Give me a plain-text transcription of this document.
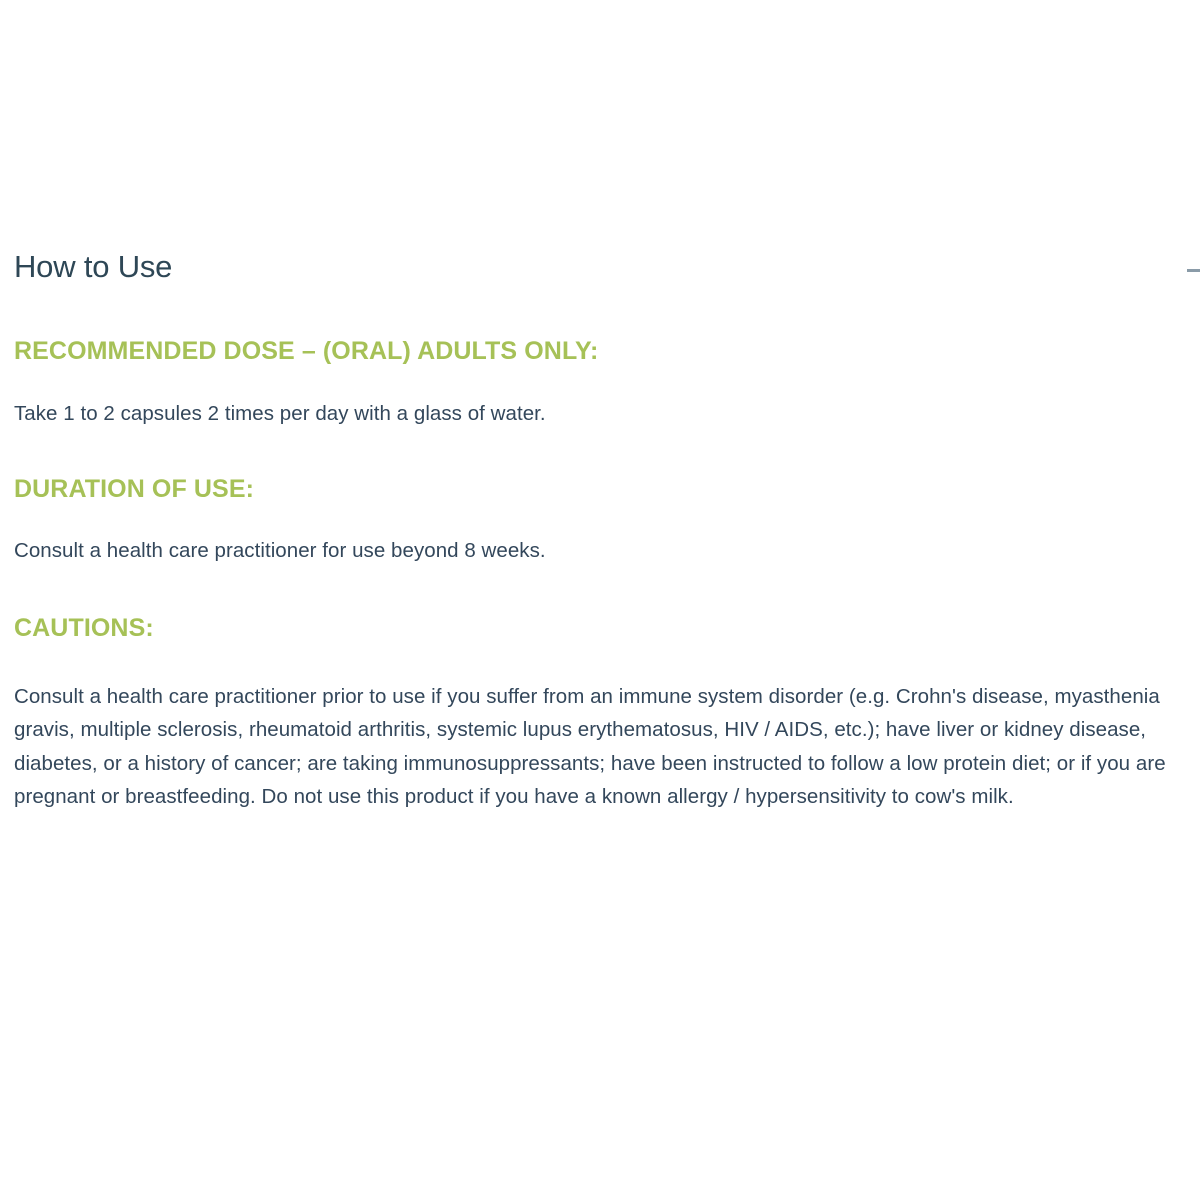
How to Use
RECOMMENDED DOSE – (ORAL) ADULTS ONLY:

Take 1 to 2 capsules 2 times per day with a glass of water.

DURATION OF USE:

Consult a health care practitioner for use beyond 8 weeks.

CAUTIONS:

Consult a health care practitioner prior to use if you suffer from an immune system disorder (e.g. Crohn's disease, myasthenia gravis, multiple sclerosis, rheumatoid arthritis, systemic lupus erythematosus, HIV / AIDS, etc.); have liver or kidney disease, diabetes, or a history of cancer; are taking immunosuppressants; have been instructed to follow a low protein diet; or if you are pregnant or breastfeeding. Do not use this product if you have a known allergy / hypersensitivity to cow's milk.
